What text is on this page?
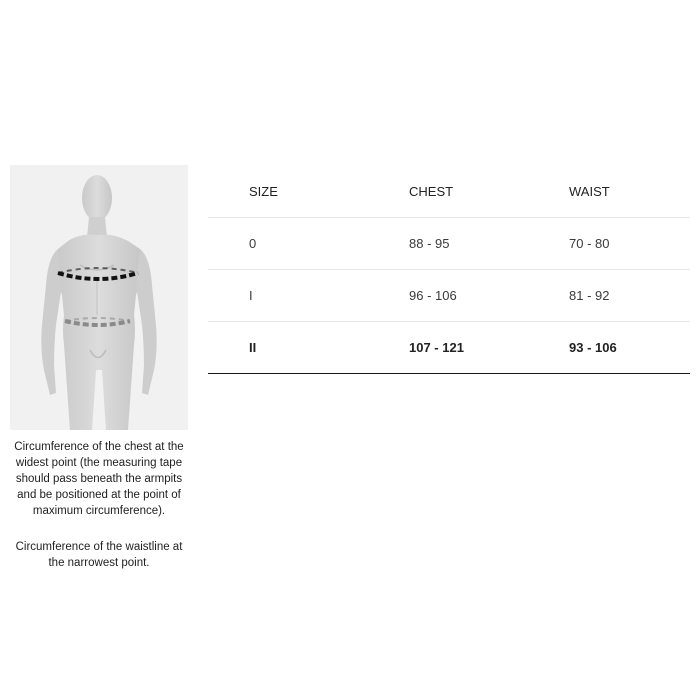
Circumference of the chest at the widest point (the measuring tape should pass beneath the armpits and be positioned at the point of maximum circumference).
Circumference of the waistline at the narrowest point.
SIZE	CHEST	WAIST
0	88 - 95	70 - 80
I	96 - 106	81 - 92
II	107 - 121	93 - 106
